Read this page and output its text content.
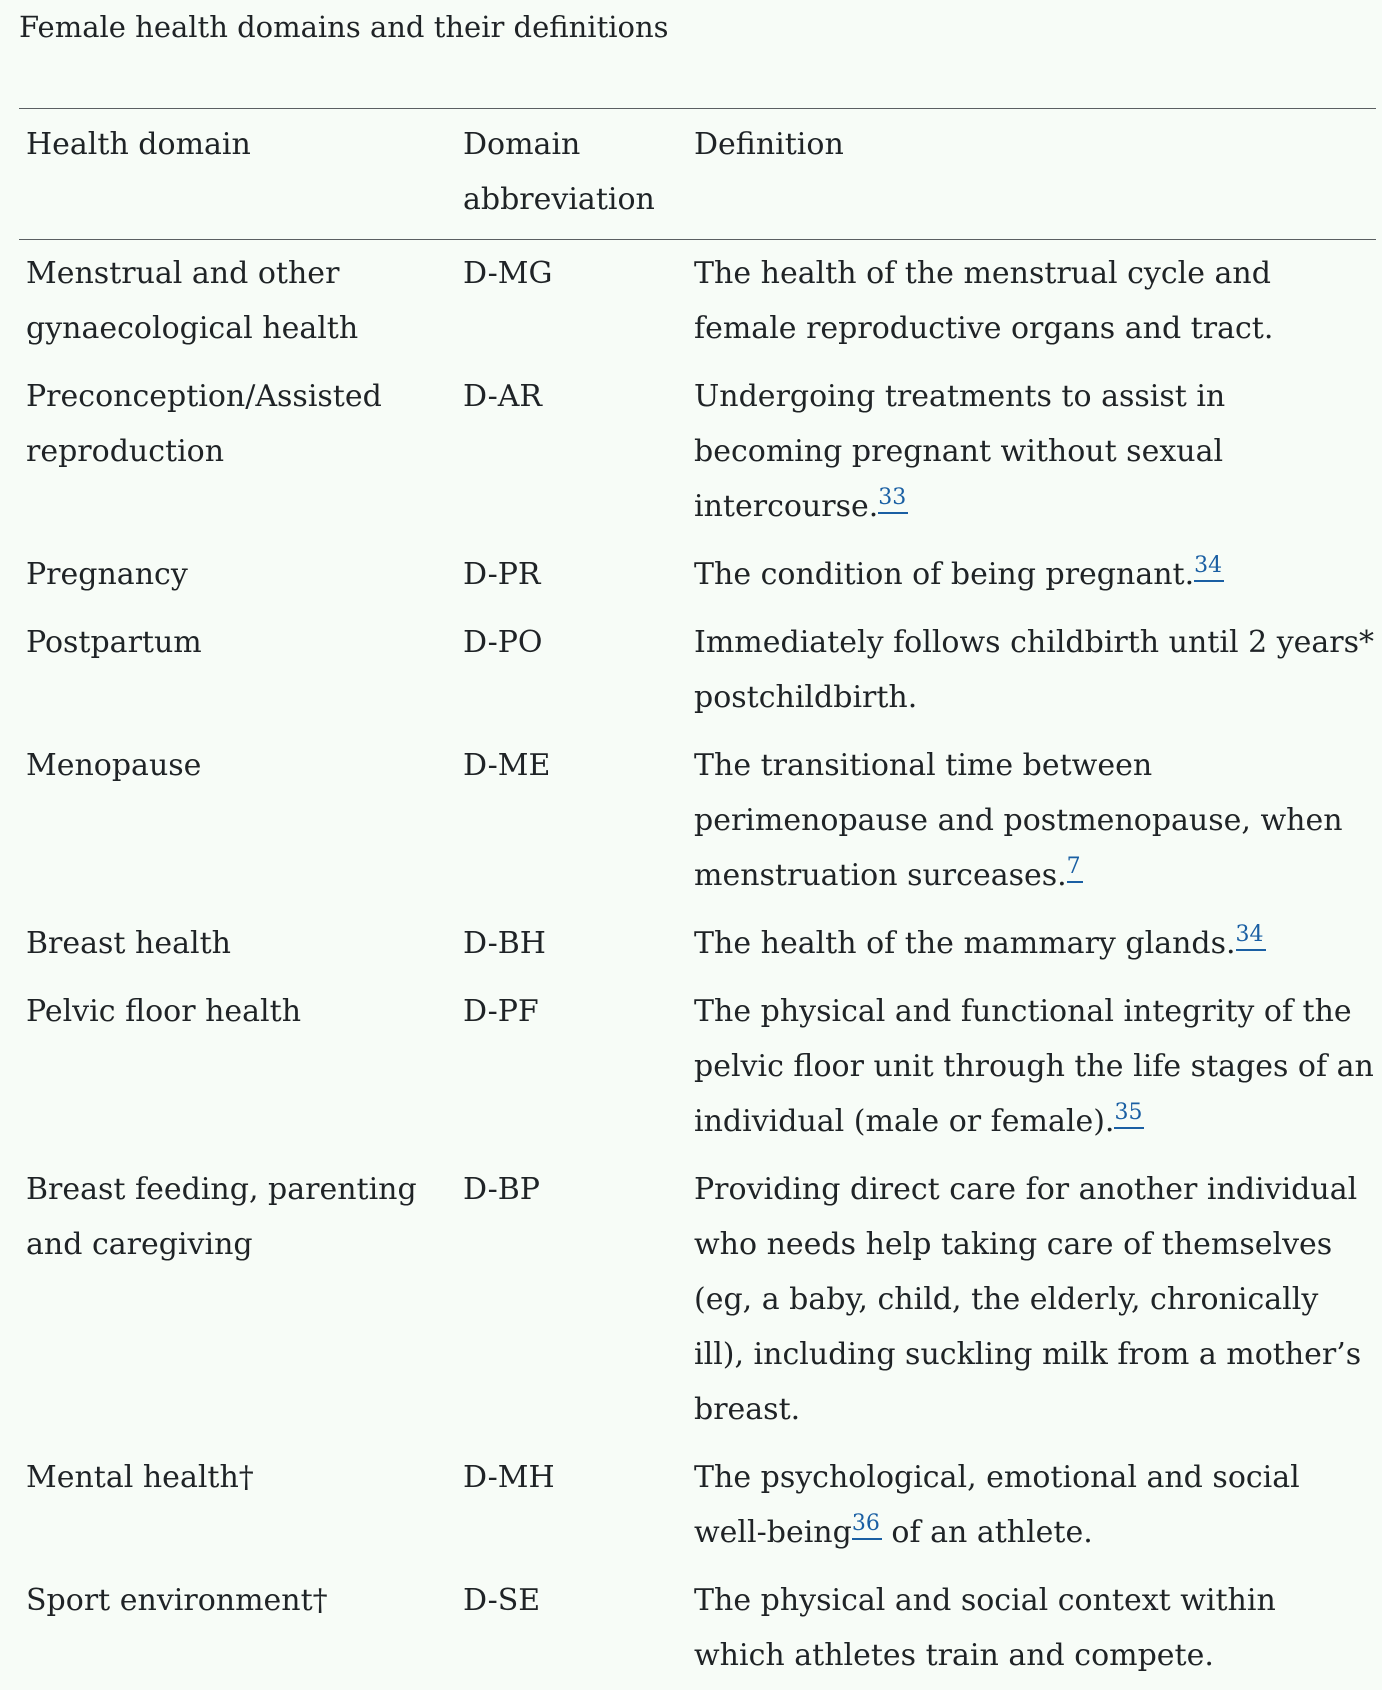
Female health domains and their definitions
Health domain	Domain abbreviation	Definition
Menstrual and other gynaecological health	D-MG	The health of the menstrual cycle and female reproductive organs and tract.
Preconception/Assisted reproduction	D-AR	Undergoing treatments to assist in becoming pregnant without sexual intercourse.$^{33}$
Pregnancy	D-PR	The condition of being pregnant.$^{34}$
Postpartum	D-PO	Immediately follows childbirth until 2 years* postchildbirth.
Menopause	D-ME	The transitional time between perimenopause and postmenopause, when menstruation surceases.$^7$
Breast health	D-BH	The health of the mammary glands.$^{34}$
Pelvic floor health	D-PF	The physical and functional integrity of the pelvic floor unit through the life stages of an individual (male or female).$^{35}$
Breast feeding, parenting and caregiving	D-BP	Providing direct care for another individual who needs help taking care of themselves (eg, a baby, child, the elderly, chronically ill), including suckling milk from a mother’s breast.
Mental health†	D-MH	The psychological, emotional and social well-being$^{36}$ of an athlete.
Sport environment†	D-SE	The physical and social context within which athletes train and compete.
